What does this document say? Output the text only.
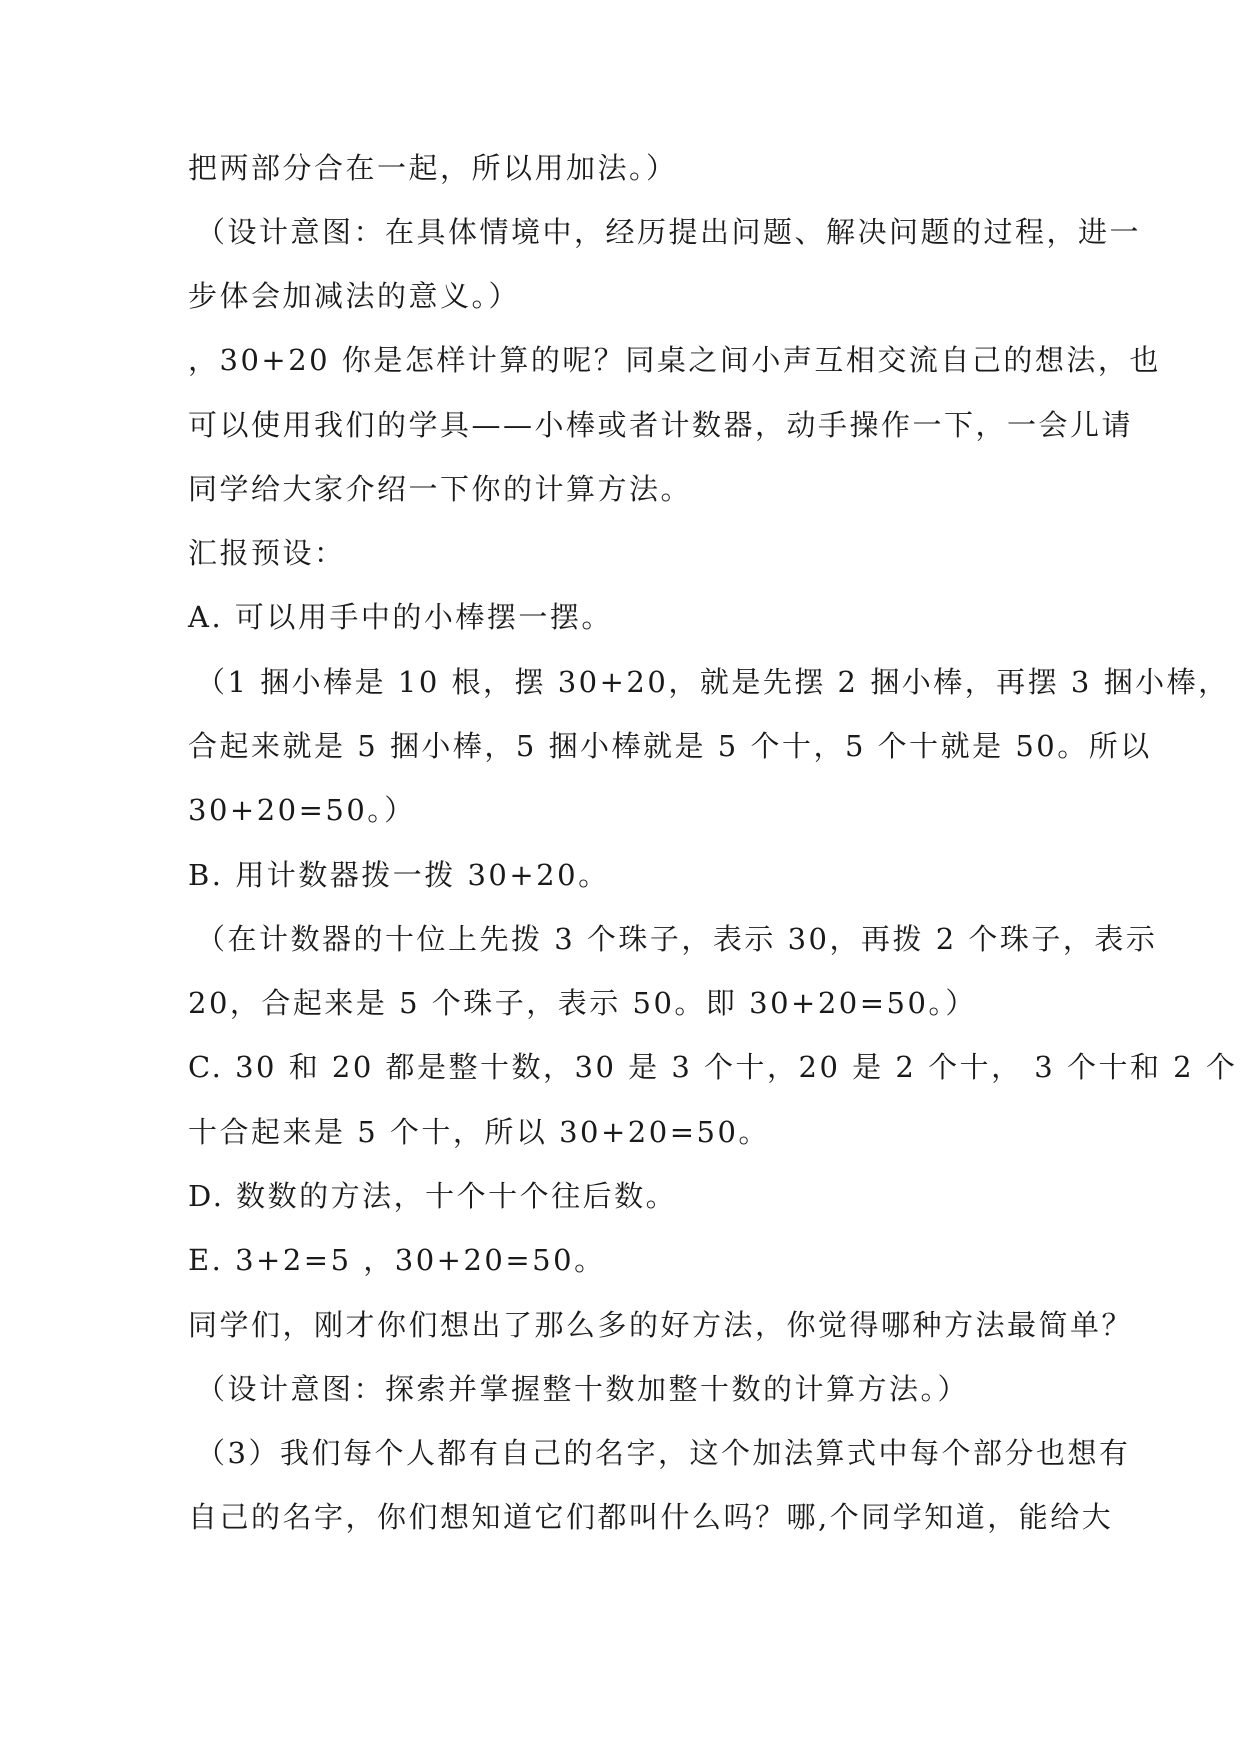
把两部分合在一起，所以用加法。）

（设计意图：在具体情境中，经历提出问题、解决问题的过程，进一

步体会加减法的意义。）

，30+20 你是怎样计算的呢？同桌之间小声互相交流自己的想法，也

可以使用我们的学具——小棒或者计数器，动手操作一下，一会儿请

同学给大家介绍一下你的计算方法。

汇报预设：

A. 可以用手中的小棒摆一摆。

（1 捆小棒是 10 根，摆 30+20，就是先摆 2 捆小棒，再摆 3 捆小棒，

合起来就是 5 捆小棒，5 捆小棒就是 5 个十，5 个十就是 50。所以

30+20=50。）

B. 用计数器拨一拨 30+20。

（在计数器的十位上先拨 3 个珠子，表示 30，再拨 2 个珠子，表示

20，合起来是 5 个珠子，表示 50。即 30+20=50。）

C. 30 和 20 都是整十数，30 是 3 个十，20 是 2 个十， 3 个十和 2 个

十合起来是 5 个十，所以 30+20=50。

D. 数数的方法，十个十个往后数。

E. 3+2=5 ，30+20=50。

同学们，刚才你们想出了那么多的好方法，你觉得哪种方法最简单？

（设计意图：探索并掌握整十数加整十数的计算方法。）

（3）我们每个人都有自己的名字，这个加法算式中每个部分也想有

自己的名字，你们想知道它们都叫什么吗？哪,个同学知道，能给大
